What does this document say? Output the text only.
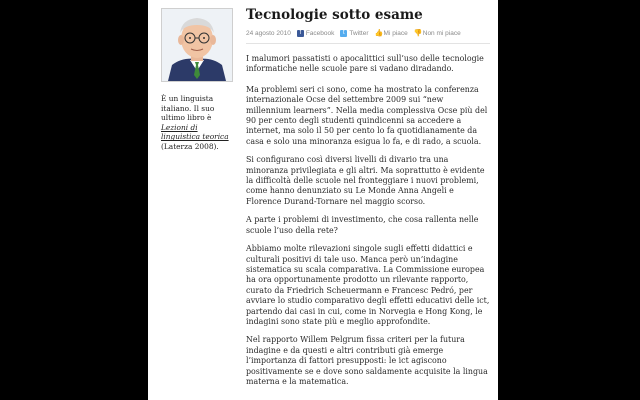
È un linguista italiano. Il suo ultimo libro è Lezioni di linguistica teorica (Laterza 2008).
Tecnologie sotto esame
24 agosto 2010	f Facebook	t Twitter 👍 Mi piace 👎 Non mi piace

I malumori passatisti o apocalittici sull’uso delle tecnologie informatiche nelle scuole pare si vadano diradando.

Ma problemi seri ci sono, come ha mostrato la conferenza internazionale Ocse del settembre 2009 sui “new millennium learners”. Nella media complessiva Ocse più del 90 per cento degli studenti quindicenni sa accedere a internet, ma solo il 50 per cento lo fa quotidianamente da casa e solo una minoranza esigua lo fa, e di rado, a scuola.

Si configurano così diversi livelli di divario tra una minoranza privilegiata e gli altri. Ma soprattutto è evidente la difficoltà delle scuole nel fronteggiare i nuovi problemi, come hanno denunziato su Le Monde Anna Angeli e Florence Durand-Tornare nel maggio scorso.

A parte i problemi di investimento, che cosa rallenta nelle scuole l’uso della rete?

Abbiamo molte rilevazioni singole sugli effetti didattici e culturali positivi di tale uso. Manca però un’indagine sistematica su scala comparativa. La Commissione europea ha ora opportunamente prodotto un rilevante rapporto, curato da Friedrich Scheuermann e Francesc Pedró, per avviare lo studio comparativo degli effetti educativi delle ict, partendo dai casi in cui, come in Norvegia e Hong Kong, le indagini sono state più e meglio approfondite.

Nel rapporto Willem Pelgrum fissa criteri per la futura indagine e da questi e altri contributi già emerge l’importanza di fattori presupposti: le ict agiscono positivamente se e dove sono saldamente acquisite la lingua materna e la matematica.
